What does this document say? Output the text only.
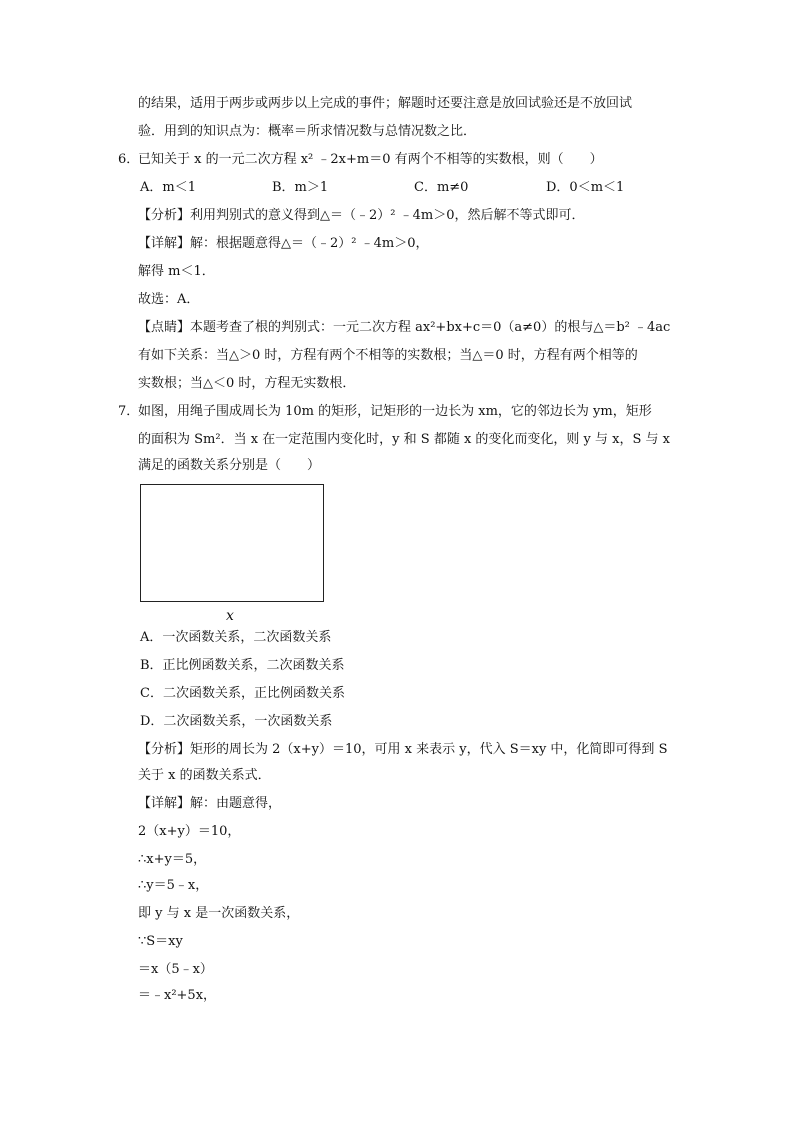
的结果，适用于两步或两步以上完成的事件；解题时还要注意是放回试验还是不放回试
验．用到的知识点为：概率＝所求情况数与总情况数之比．
6．
已知关于 x 的一元二次方程 x² ﹣2x+m＝0 有两个不相等的实数根，则（　　）
A．m＜1	B．m＞1	C．m≠0	D．0＜m＜1
【分析】利用判别式的意义得到△＝（﹣2）² ﹣4m＞0，然后解不等式即可．
【详解】解：根据题意得△＝（﹣2）² ﹣4m＞0，
解得 m＜1．
故选：A．
【点睛】本题考查了根的判别式：一元二次方程 ax²+bx+c＝0（a≠0）的根与△＝b² ﹣4ac
有如下关系：当△＞0 时，方程有两个不相等的实数根；当△＝0 时，方程有两个相等的
实数根；当△＜0 时，方程无实数根．
7．
如图，用绳子围成周长为 10m 的矩形，记矩形的一边长为 xm，它的邻边长为 ym，矩形
的面积为 Sm²．当 x 在一定范围内变化时，y 和 S 都随 x 的变化而变化，则 y 与 x，S 与 x
满足的函数关系分别是（　　）
x
A．一次函数关系，二次函数关系
B．正比例函数关系，二次函数关系
C．二次函数关系，正比例函数关系
D．二次函数关系，一次函数关系
【分析】矩形的周长为 2（x+y）＝10，可用 x 来表示 y，代入 S＝xy 中，化简即可得到 S
关于 x 的函数关系式．
【详解】解：由题意得，
2（x+y）＝10，
∴x+y＝5，
∴y＝5﹣x，
即 y 与 x 是一次函数关系，
∵S＝xy
＝x（5﹣x）
＝﹣x²+5x，
